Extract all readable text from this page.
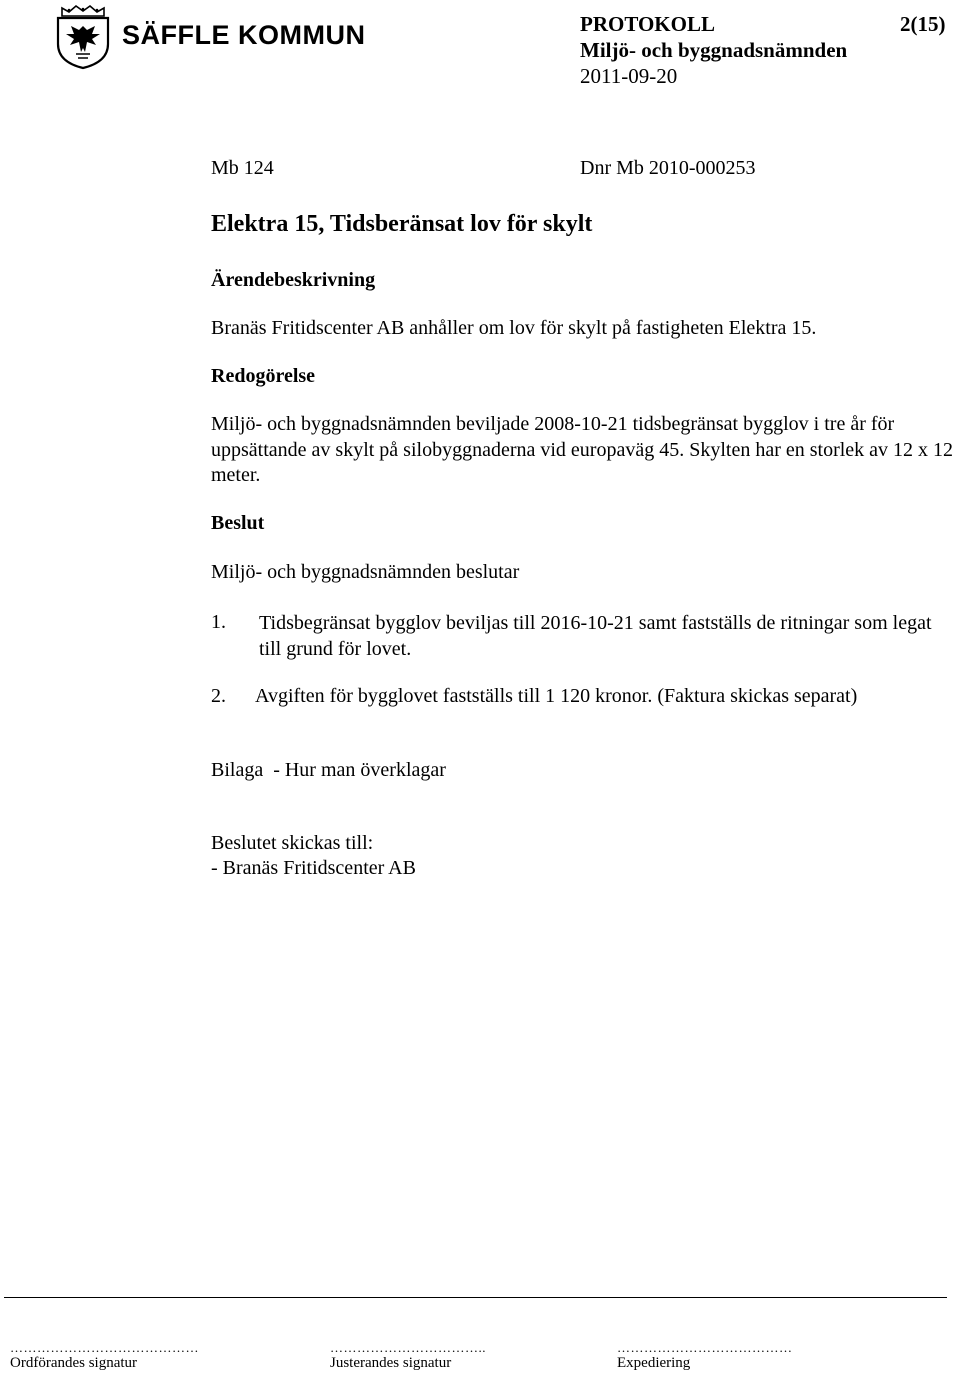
SÄFFLE KOMMUN	PROTOKOLL	2(15)
Miljö- och byggnadsnämnden
2011-09-20
Mb 124	Dnr Mb 2010-000253
Elektra 15, Tidsberänsat lov för skylt
Ärendebeskrivning
Branäs Fritidscenter AB anhåller om lov för skylt på fastigheten Elektra 15.
Redogörelse
Miljö- och byggnadsnämnden beviljade 2008-10-21 tidsbegränsat bygglov i tre år för uppsättande av skylt på silobyggnaderna vid europaväg 45. Skylten har en storlek av 12 x 12 meter.
Beslut
Miljö- och byggnadsnämnden beslutar
1. Tidsbegränsat bygglov beviljas till 2016-10-21 samt fastställs de ritningar som legat till grund för lovet.
2. Avgiften för bygglovet fastställs till 1 120 kronor. (Faktura skickas separat)
Bilaga  - Hur man överklagar
Beslutet skickas till:
- Branäs Fritidscenter AB
……………………………………	……………………………..	…………………………………
Ordförandes signatur	Justerandes signatur	Expediering
